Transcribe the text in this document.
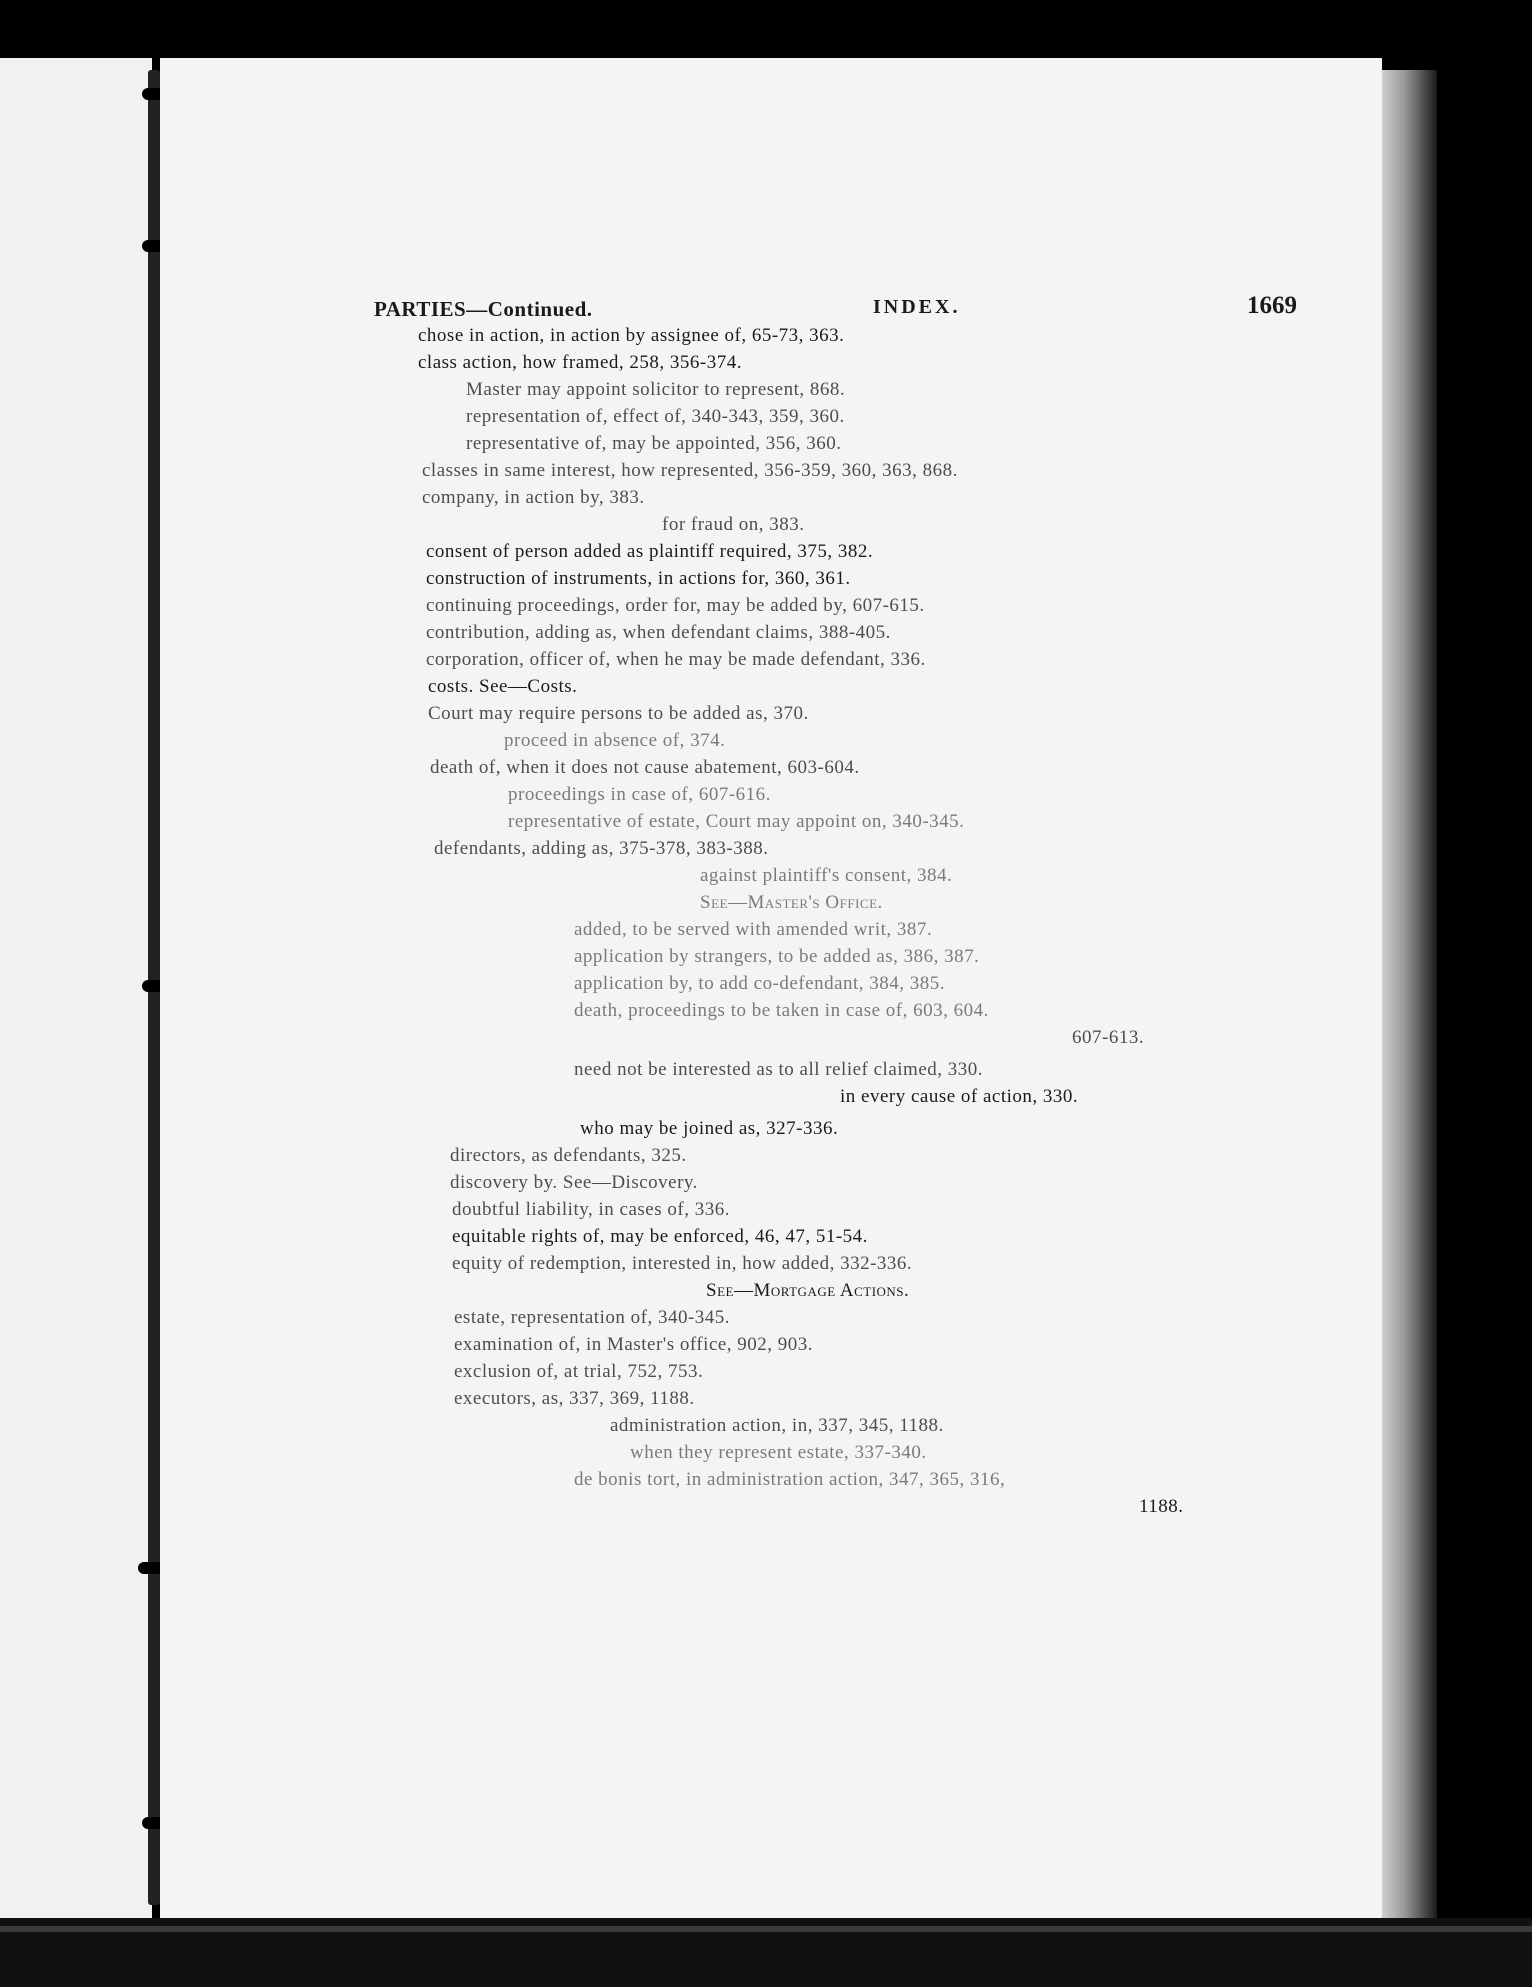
INDEX.	1669
PARTIES—Continued.
chose in action, in action by assignee of, 65-73, 363.
class action, how framed, 258, 356-374.
Master may appoint solicitor to represent, 868.
representation of, effect of, 340-343, 359, 360.
representative of, may be appointed, 356, 360.
classes in same interest, how represented, 356-359, 360, 363, 868.
company, in action by, 383.
for fraud on, 383.
consent of person added as plaintiff required, 375, 382.
construction of instruments, in actions for, 360, 361.
continuing proceedings, order for, may be added by, 607-615.
contribution, adding as, when defendant claims, 388-405.
corporation, officer of, when he may be made defendant, 336.
costs. See—Costs.
Court may require persons to be added as, 370.
proceed in absence of, 374.
death of, when it does not cause abatement, 603-604.
proceedings in case of, 607-616.
representative of estate, Court may appoint on, 340-345.
defendants, adding as, 375-378, 383-388.
against plaintiff's consent, 384.
See—Master's Office.
added, to be served with amended writ, 387.
application by strangers, to be added as, 386, 387.
application by, to add co-defendant, 384, 385.
death, proceedings to be taken in case of, 603, 604.
607-613.
need not be interested as to all relief claimed, 330.
in every cause of action, 330.
who may be joined as, 327-336.
directors, as defendants, 325.
discovery by. See—Discovery.
doubtful liability, in cases of, 336.
equitable rights of, may be enforced, 46, 47, 51-54.
equity of redemption, interested in, how added, 332-336.
See—Mortgage Actions.
estate, representation of, 340-345.
examination of, in Master's office, 902, 903.
exclusion of, at trial, 752, 753.
executors, as, 337, 369, 1188.
administration action, in, 337, 345, 1188.
when they represent estate, 337-340.
de bonis tort, in administration action, 347, 365, 316,
1188.
